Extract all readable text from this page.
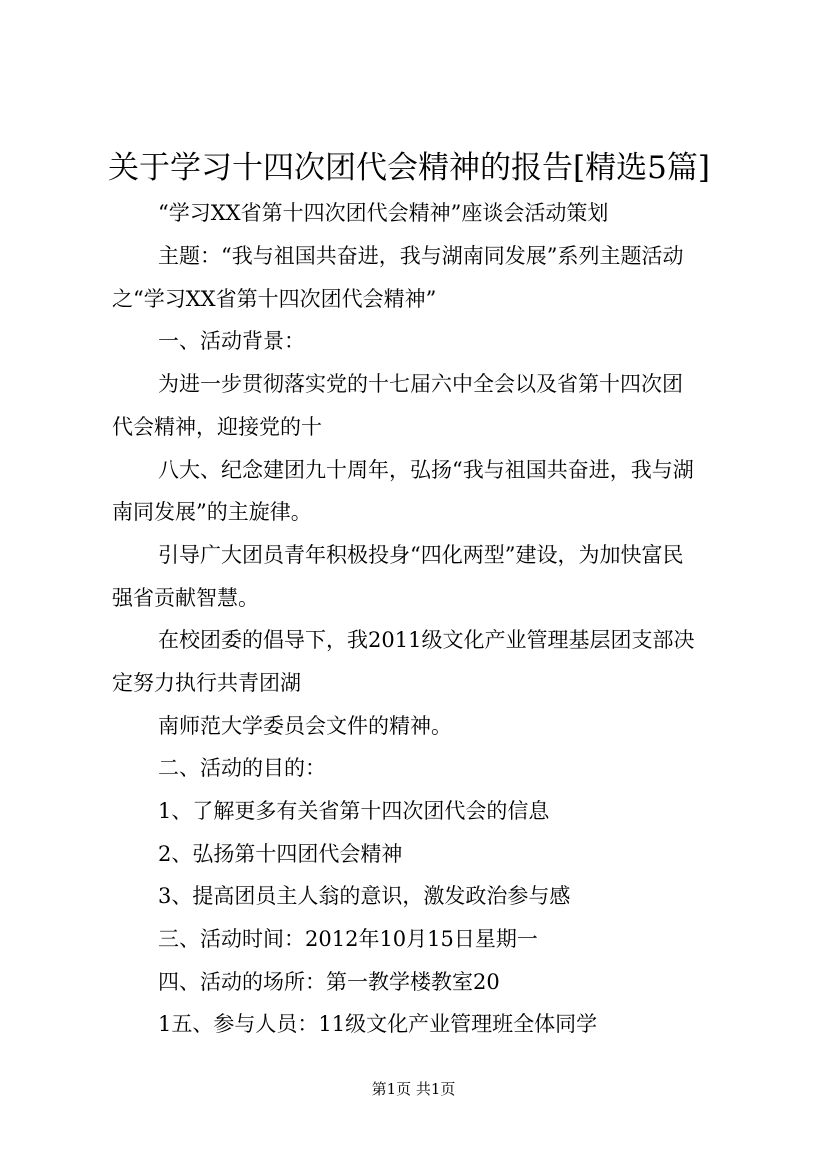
关于学习十四次团代会精神的报告[精选5篇]
“学习XX省第十四次团代会精神”座谈会活动策划
主题：“我与祖国共奋进，我与湖南同发展”系列主题活动
之“学习XX省第十四次团代会精神”
一、活动背景：
为进一步贯彻落实党的十七届六中全会以及省第十四次团
代会精神，迎接党的十
八大、纪念建团九十周年，弘扬“我与祖国共奋进，我与湖
南同发展”的主旋律。
引导广大团员青年积极投身“四化两型”建设，为加快富民
强省贡献智慧。
在校团委的倡导下，我2011级文化产业管理基层团支部决
定努力执行共青团湖
南师范大学委员会文件的精神。
二、活动的目的：
1、了解更多有关省第十四次团代会的信息
2、弘扬第十四团代会精神
3、提高团员主人翁的意识，激发政治参与感
三、活动时间：2012年10月15日星期一
四、活动的场所：第一教学楼教室20
1五、参与人员：11级文化产业管理班全体同学
第1页 共1页
